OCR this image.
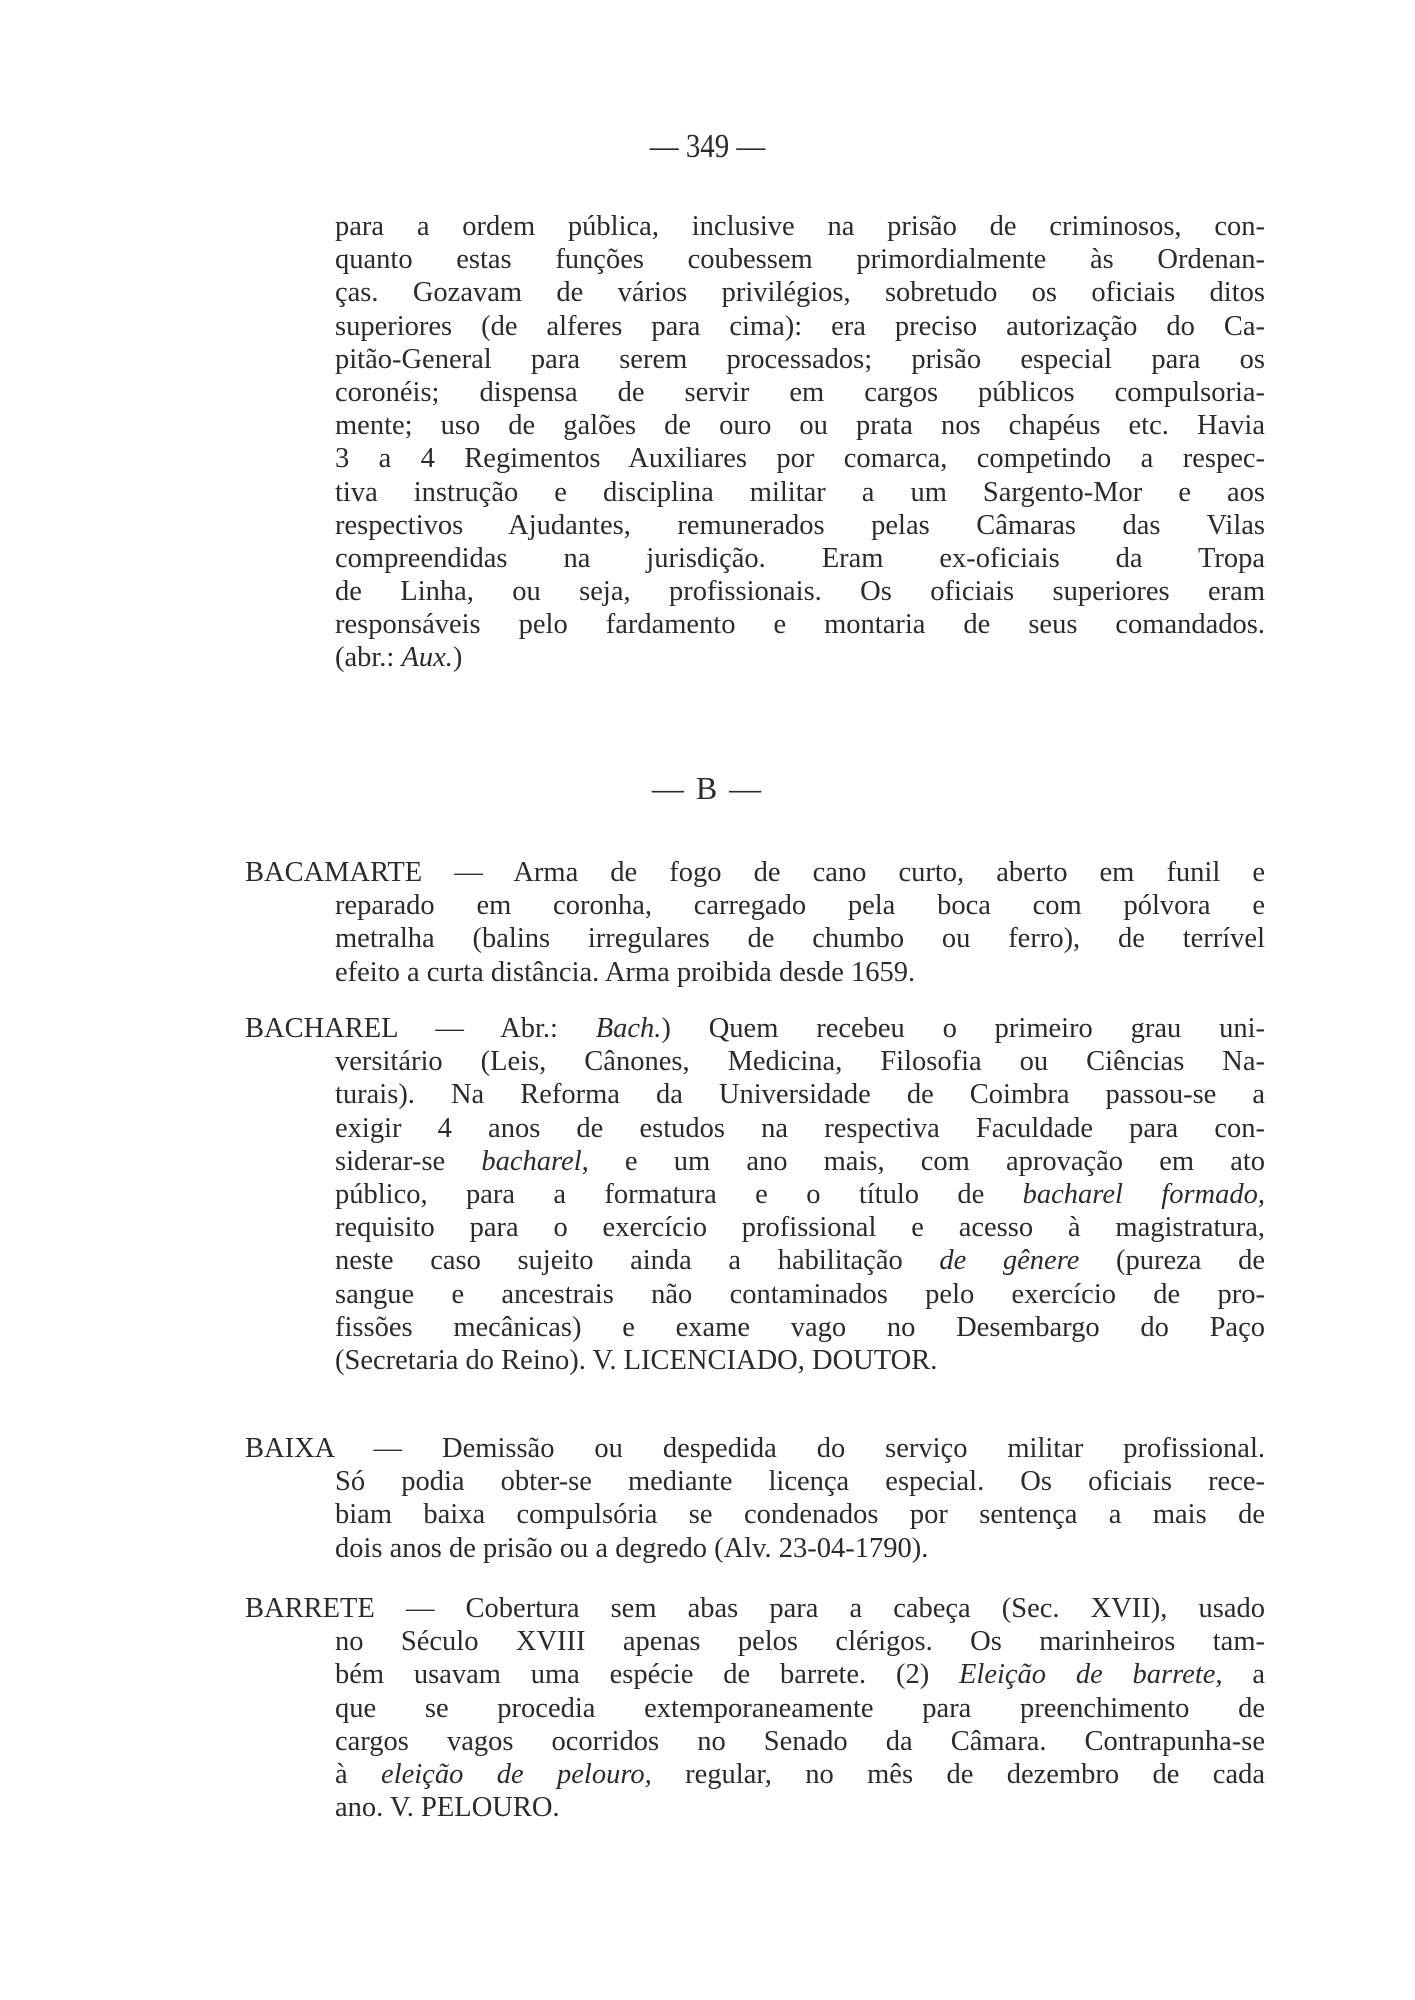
— 349 —
para a ordem pública, inclusive na prisão de criminosos, con-
quanto estas funções coubessem primordialmente às Ordenan-
ças. Gozavam de vários privilégios, sobretudo os oficiais ditos
superiores (de alferes para cima): era preciso autorização do Ca-
pitão-General para serem processados; prisão especial para os
coronéis; dispensa de servir em cargos públicos compulsoria-
mente; uso de galões de ouro ou prata nos chapéus etc. Havia
3 a 4 Regimentos Auxiliares por comarca, competindo a respec-
tiva instrução e disciplina militar a um Sargento-Mor e aos
respectivos Ajudantes, remunerados pelas Câmaras das Vilas
compreendidas na jurisdição. Eram ex-oficiais da Tropa
de Linha, ou seja, profissionais. Os oficiais superiores eram
responsáveis pelo fardamento e montaria de seus comandados.
(abr.: Aux.)
— B —
BACAMARTE — Arma de fogo de cano curto, aberto em funil e
reparado em coronha, carregado pela boca com pólvora e
metralha (balins irregulares de chumbo ou ferro), de terrível
efeito a curta distância. Arma proibida desde 1659.
BACHAREL — Abr.: Bach.) Quem recebeu o primeiro grau uni-
versitário (Leis, Cânones, Medicina, Filosofia ou Ciências Na-
turais). Na Reforma da Universidade de Coimbra passou-se a
exigir 4 anos de estudos na respectiva Faculdade para con-
siderar-se bacharel, e um ano mais, com aprovação em ato
público, para a formatura e o título de bacharel formado,
requisito para o exercício profissional e acesso à magistratura,
neste caso sujeito ainda a habilitação de gênere (pureza de
sangue e ancestrais não contaminados pelo exercício de pro-
fissões mecânicas) e exame vago no Desembargo do Paço
(Secretaria do Reino). V. LICENCIADO, DOUTOR.
BAIXA — Demissão ou despedida do serviço militar profissional.
Só podia obter-se mediante licença especial. Os oficiais rece-
biam baixa compulsória se condenados por sentença a mais de
dois anos de prisão ou a degredo (Alv. 23-04-1790).
BARRETE — Cobertura sem abas para a cabeça (Sec. XVII), usado
no Século XVIII apenas pelos clérigos. Os marinheiros tam-
bém usavam uma espécie de barrete. (2) Eleição de barrete, a
que se procedia extemporaneamente para preenchimento de
cargos vagos ocorridos no Senado da Câmara. Contrapunha-se
à eleição de pelouro, regular, no mês de dezembro de cada
ano. V. PELOURO.
